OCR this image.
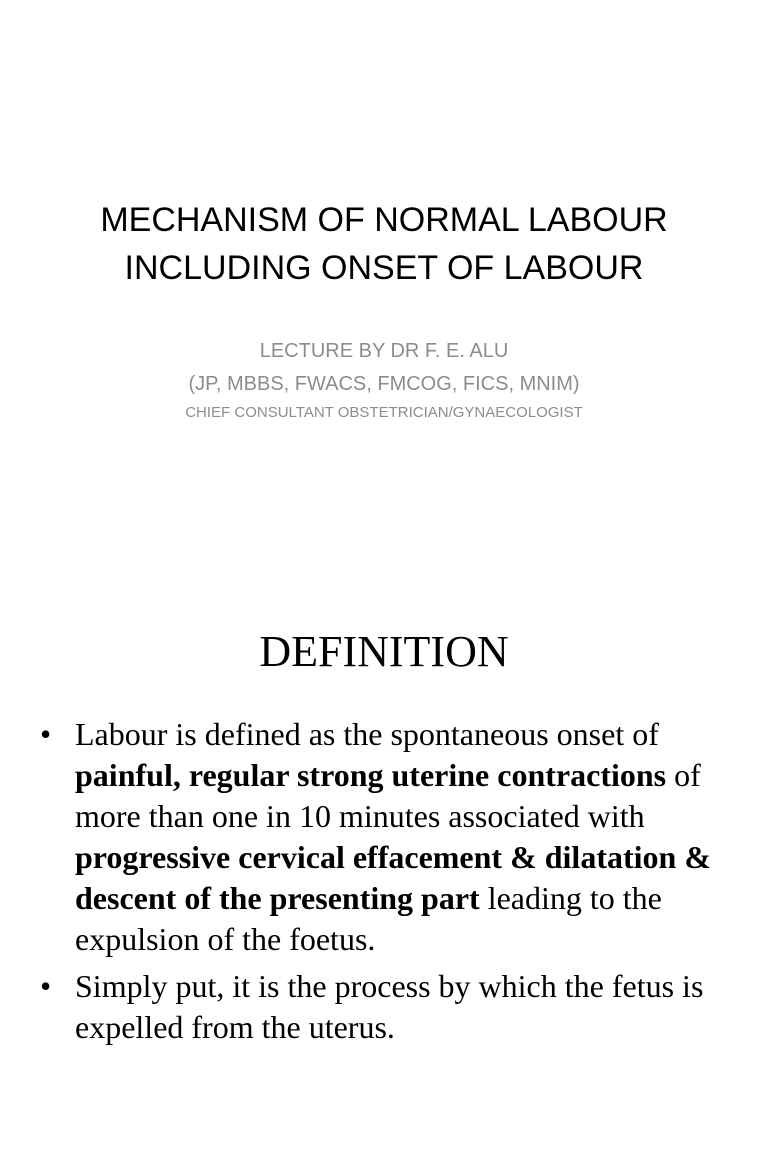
MECHANISM OF NORMAL LABOUR
INCLUDING ONSET OF LABOUR
LECTURE BY DR F. E. ALU
(JP, MBBS, FWACS, FMCOG, FICS, MNIM)
CHIEF CONSULTANT OBSTETRICIAN/GYNAECOLOGIST
DEFINITION
• Labour is defined as the spontaneous onset of painful, regular strong uterine contractions of more than one in 10 minutes associated with progressive cervical effacement & dilatation & descent of the presenting part leading to the expulsion of the foetus.
• Simply put, it is the process by which the fetus is expelled from the uterus.
